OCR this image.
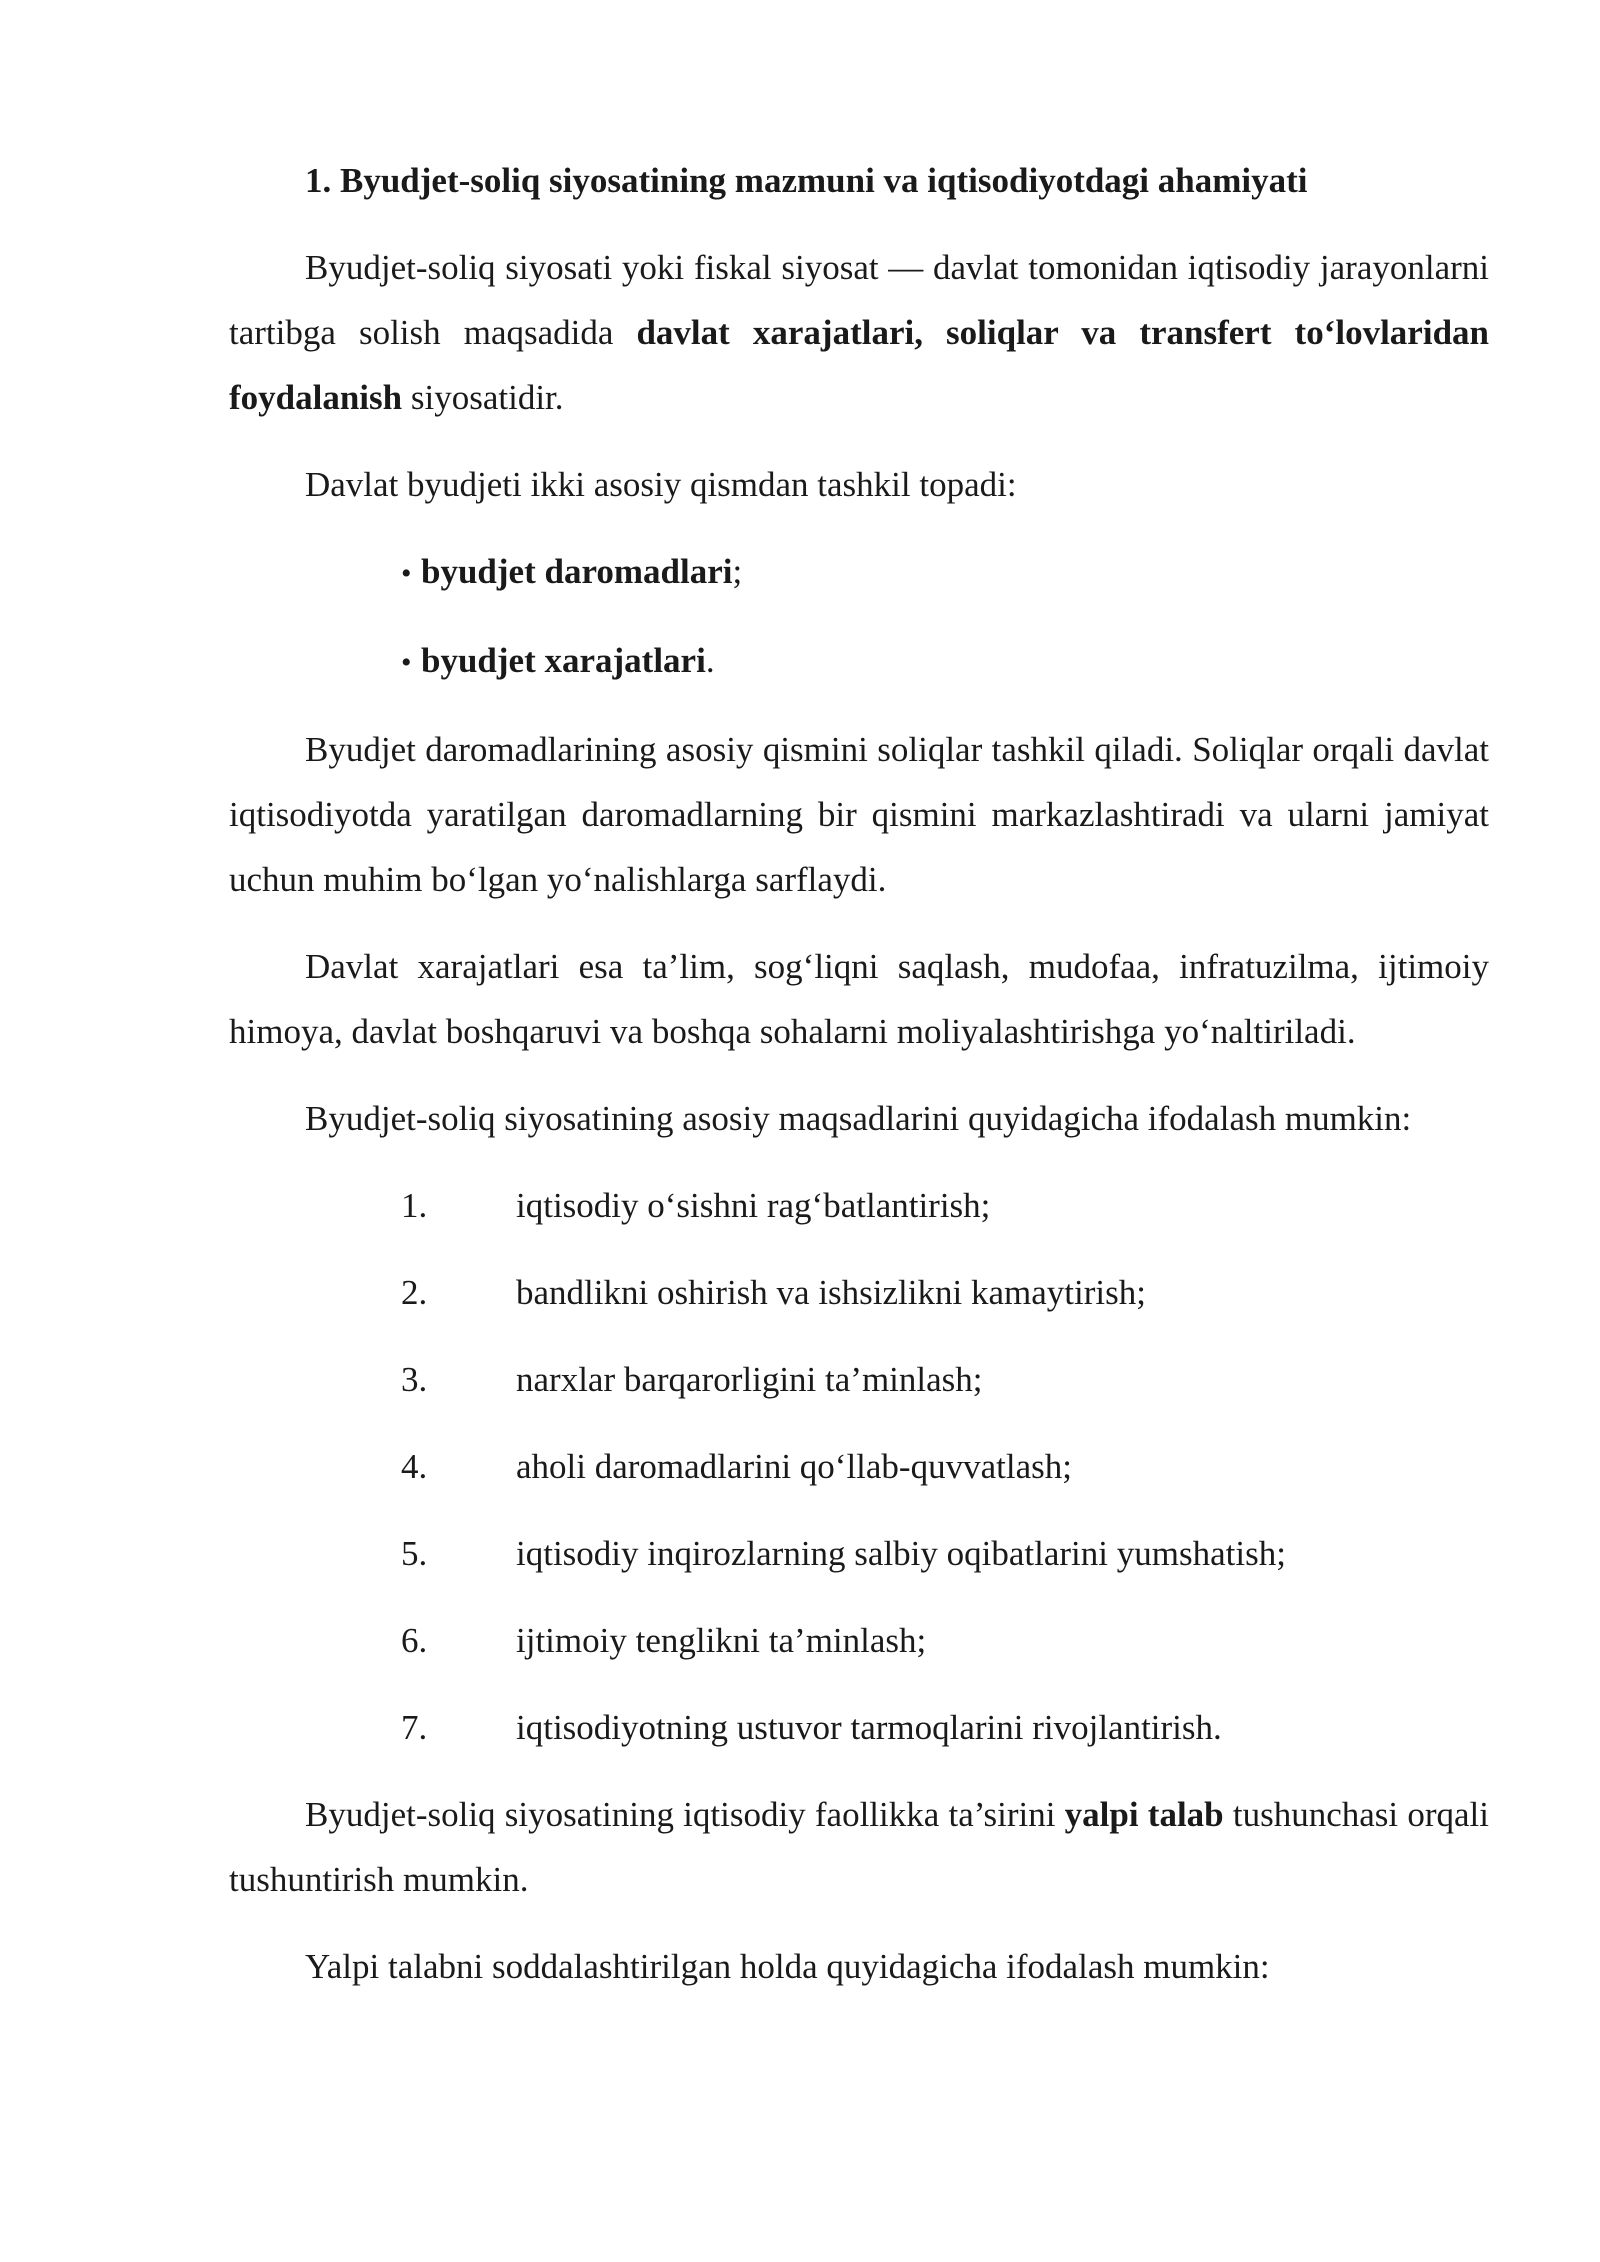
1. Byudjet-soliq siyosatining mazmuni va iqtisodiyotdagi ahamiyati

Byudjet-soliq siyosati yoki fiskal siyosat — davlat tomonidan iqtisodiy jarayonlarni tartibga solish maqsadida davlat xarajatlari, soliqlar va transfert to‘lovlaridan foydalanish siyosatidir.

Davlat byudjeti ikki asosiy qismdan tashkil topadi:

• byudjet daromadlari;
• byudjet xarajatlari.

Byudjet daromadlarining asosiy qismini soliqlar tashkil qiladi. Soliqlar orqali davlat iqtisodiyotda yaratilgan daromadlarning bir qismini markazlashtiradi va ularni jamiyat uchun muhim bo‘lgan yo‘nalishlarga sarflaydi.

Davlat xarajatlari esa ta’lim, sog‘liqni saqlash, mudofaa, infratuzilma, ijtimoiy himoya, davlat boshqaruvi va boshqa sohalarni moliyalashtirishga yo‘naltiriladi.

Byudjet-soliq siyosatining asosiy maqsadlarini quyidagicha ifodalash mumkin:

1.	iqtisodiy o‘sishni rag‘batlantirish;
2.	bandlikni oshirish va ishsizlikni kamaytirish;
3.	narxlar barqarorligini ta’minlash;
4.	aholi daromadlarini qo‘llab-quvvatlash;
5.	iqtisodiy inqirozlarning salbiy oqibatlarini yumshatish;
6.	ijtimoiy tenglikni ta’minlash;
7.	iqtisodiyotning ustuvor tarmoqlarini rivojlantirish.

Byudjet-soliq siyosatining iqtisodiy faollikka ta’sirini yalpi talab tushunchasi orqali tushuntirish mumkin.

Yalpi talabni soddalashtirilgan holda quyidagicha ifodalash mumkin:
